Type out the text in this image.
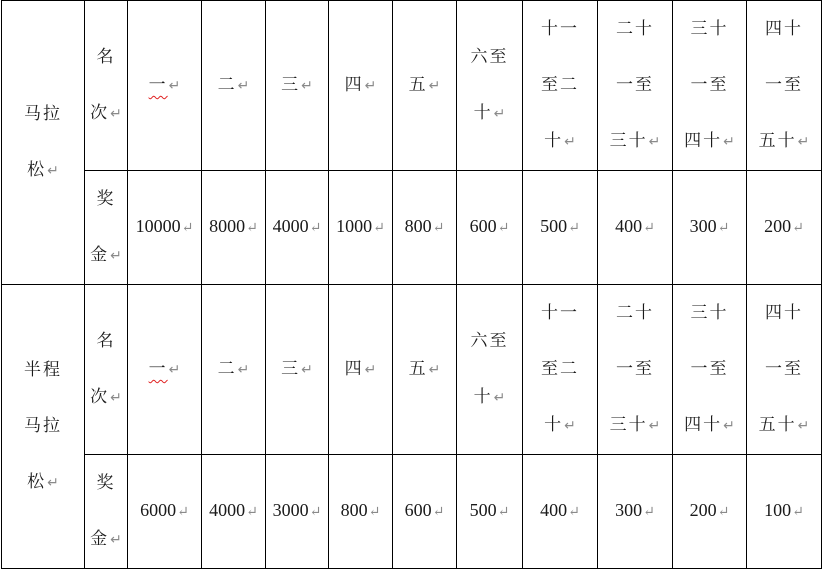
马拉
松↵	名
次↵	一↵	二↵	三↵	四↵	五↵	六至
十↵	十一
至二
十↵	二十
一至
三十↵	三十
一至
四十↵	四十
一至
五十↵

	奖
金↵	10000↵	8000↵	4000↵	1000↵	800↵	600↵	500↵	400↵	300↵	200↵

半程
马拉
松↵	名
次↵	一↵	二↵	三↵	四↵	五↵	六至
十↵	十一
至二
十↵	二十
一至
三十↵	三十
一至
四十↵	四十
一至
五十↵

	奖
金↵	6000↵	4000↵	3000↵	800↵	600↵	500↵	400↵	300↵	200↵	100↵
